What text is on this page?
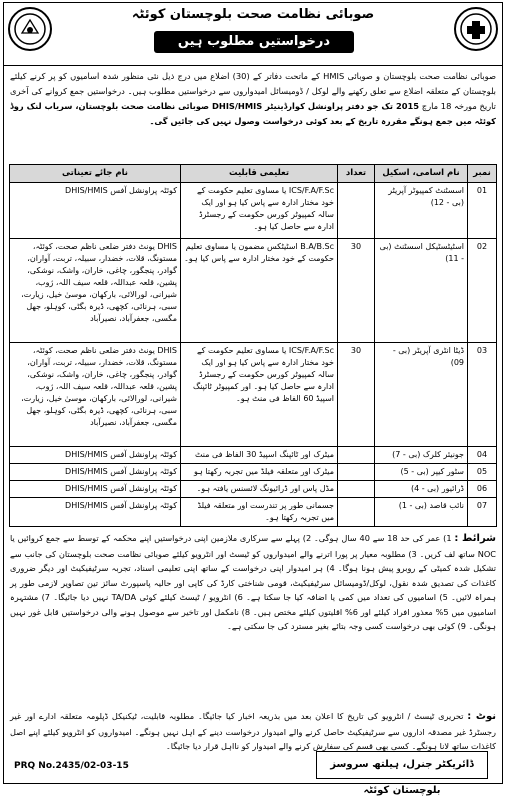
صوبائی نظامت صحت بلوچستان کوئٹہ
درخواستیں مطلوب ہیں
صوبائی نظامت صحت بلوچستان و صوبائی HMIS کے ماتحت دفاتر کے (30) اضلاع میں درج ذیل نئی منظور شدہ اسامیوں کو پر کرنے کیلئے بلوچستان کے متعلقہ اضلاع سے تعلق رکھنے والے لوکل / ڈومیسائل امیدواروں سے درخواستیں مطلوب ہیں۔ درخواستیں جمع کروانے کی آخری تاریخ مورخہ 18 مارچ 2015 تک جو دفتر پراونشل کوارڈینیٹر DHIS/HMIS صوبائی نظامت صحت بلوچستان، سریاب لنک روڈ کوئٹہ میں جمع ہونگے مقررہ تاریخ کے بعد کوئی درخواست وصول نہیں کی جائیں گی۔
نمبر	نام اسامی، اسکیل	تعداد	تعلیمی قابلیت	نام جائے تعیناتی
01	اسسٹنٹ کمپیوٹر آپریٹر (بی - 12)		ICS/F.A/F.Sc یا مساوی تعلیم حکومت کے خود مختار ادارہ سے پاس کیا ہو اور ایک سالہ کمپیوٹر کورس حکومت کے رجسٹرڈ ادارہ سے حاصل کیا ہو۔	کوئٹہ پراونشل آفس DHIS/HMIS
02	اسٹیٹسٹیکل اسسٹنٹ (بی - 11)	30	B.A/B.Sc اسٹیٹکس مضمون یا مساوی تعلیم حکومت کے خود مختار ادارہ سے پاس کیا ہو۔	DHIS یونٹ دفتر ضلعی ناظم صحت، کوئٹہ، مستونگ، قلات، خضدار، سبیلہ، تربت، آواران، گوادر، پنجگور، چاغی، خاران، واشک، نوشکی، پشین، قلعہ عبداللہ، قلعہ سیف اللہ، ژوب، شیرانی، لورالائی، بارکھان، موسیٰ خیل، زیارت، سبی، ہرنائی، کچھی، ڈیرہ بگٹی، کوہلو، جھل مگسی، جعفرآباد، نصیرآباد
03	ڈیٹا انٹری آپریٹر (بی - 09)	30	ICS/F.A/F.Sc یا مساوی تعلیم حکومت کے خود مختار ادارہ سے پاس کیا ہو اور ایک سالہ کمپیوٹر کورس حکومت کے رجسٹرڈ ادارہ سے حاصل کیا ہو۔ اور کمپیوٹر ٹائپنگ اسپیڈ 60 الفاظ فی منٹ ہو۔	DHIS یونٹ دفتر ضلعی ناظم صحت، کوئٹہ، مستونگ، قلات، خضدار، سبیلہ، تربت، آواران، گوادر، پنجگور، چاغی، خاران، واشک، نوشکی، پشین، قلعہ عبداللہ، قلعہ سیف اللہ، ژوب، شیرانی، لورالائی، بارکھان، موسیٰ خیل، زیارت، سبی، ہرنائی، کچھی، ڈیرہ بگٹی، کوہلو، جھل مگسی، جعفرآباد، نصیرآباد
04	جونیئر کلرک (بی - 7)		میٹرک اور ٹائپنگ اسپیڈ 30 الفاظ فی منٹ	کوئٹہ پراونشل آفس DHIS/HMIS
05	سٹور کیپر (بی - 5)		میٹرک اور متعلقہ فیلڈ میں تجربہ رکھتا ہو	کوئٹہ پراونشل آفس DHIS/HMIS
06	ڈرائیور (بی - 4)		مڈل پاس اور ڈرائیونگ لائسنس یافتہ ہو۔	کوئٹہ پراونشل آفس DHIS/HMIS
07	نائب قاصد (بی - 1)		جسمانی طور پر تندرست اور متعلقہ فیلڈ میں تجربہ رکھتا ہو۔	کوئٹہ پراونشل آفس DHIS/HMIS
شرائط : 1) عمر کی حد 18 سے 40 سال ہوگی۔ 2) پہلے سے سرکاری ملازمین اپنی درخواستیں اپنے محکمہ کے توسط سے جمع کروائیں یا NOC ساتھ لف کریں۔ 3) مطلوبہ معیار پر پورا اترنے والے امیدواروں کو ٹیسٹ اور انٹرویو کیلئے صوبائی نظامت صحت بلوچستان کی جانب سے تشکیل شدہ کمیٹی کے روبرو پیش ہونا ہوگا۔ 4) ہر امیدوار اپنی درخواست کے ساتھ اپنی تعلیمی اسناد، تجربہ سرٹیفیکیٹ اور دیگر ضروری کاغذات کی تصدیق شدہ نقول، لوکل/ڈومیسائل سرٹیفیکیٹ، قومی شناختی کارڈ کی کاپی اور حالیہ پاسپورٹ سائز تین تصاویر لازمی طور پر ہمراہ لائیں۔ 5) اسامیوں کی تعداد میں کمی یا اضافہ کیا جا سکتا ہے۔ 6) انٹرویو / ٹیسٹ کیلئے کوئی TA/DA نہیں دیا جائیگا۔ 7) مشتہرہ اسامیوں میں 5% معذور افراد کیلئے اور 6% اقلیتوں کیلئے مختص ہیں۔ 8) نامکمل اور تاخیر سے موصول ہونے والی درخواستیں قابل غور نہیں ہونگی۔ 9) کوئی بھی درخواست کسی وجہ بتائے بغیر مسترد کی جا سکتی ہے۔
نوٹ : تحریری ٹیسٹ / انٹرویو کی تاریخ کا اعلان بعد میں بذریعہ اخبار کیا جائیگا۔ مطلوبہ قابلیت، ٹیکنیکل ڈپلومہ متعلقہ ادارے اور غیر رجسٹرڈ غیر مصدقہ اداروں سے سرٹیفیکیٹ حاصل کرنے والے امیدوار درخواست دینے کے اہل نہیں ہونگے۔ امیدواروں کو انٹرویو کیلئے اپنے اصل کاغذات ساتھ لانا ہونگے۔ کسی بھی قسم کی سفارش کرنے والے امیدوار کو نااہل قرار دیا جائیگا۔
ڈائریکٹر جنرل، ہیلتھ سروسز بلوچستان کوئٹہ
PRQ No.2435/02-03-15
